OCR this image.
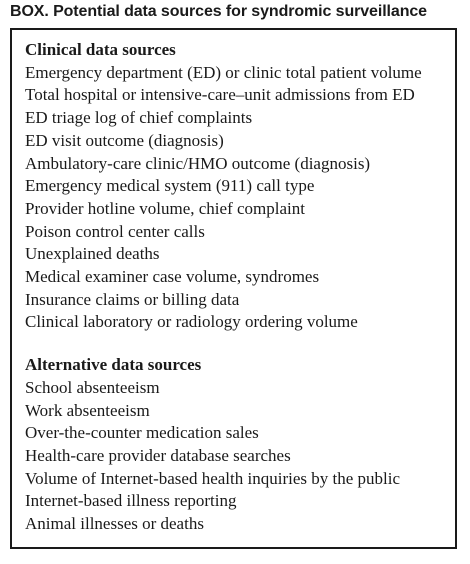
BOX. Potential data sources for syndromic surveillance
Clinical data sources
Emergency department (ED) or clinic total patient volume
Total hospital or intensive-care–unit admissions from ED
ED triage log of chief complaints
ED visit outcome (diagnosis)
Ambulatory-care clinic/HMO outcome (diagnosis)
Emergency medical system (911) call type
Provider hotline volume, chief complaint
Poison control center calls
Unexplained deaths
Medical examiner case volume, syndromes
Insurance claims or billing data
Clinical laboratory or radiology ordering volume
Alternative data sources
School absenteeism
Work absenteeism
Over-the-counter medication sales
Health-care provider database searches
Volume of Internet-based health inquiries by the public
Internet-based illness reporting
Animal illnesses or deaths
